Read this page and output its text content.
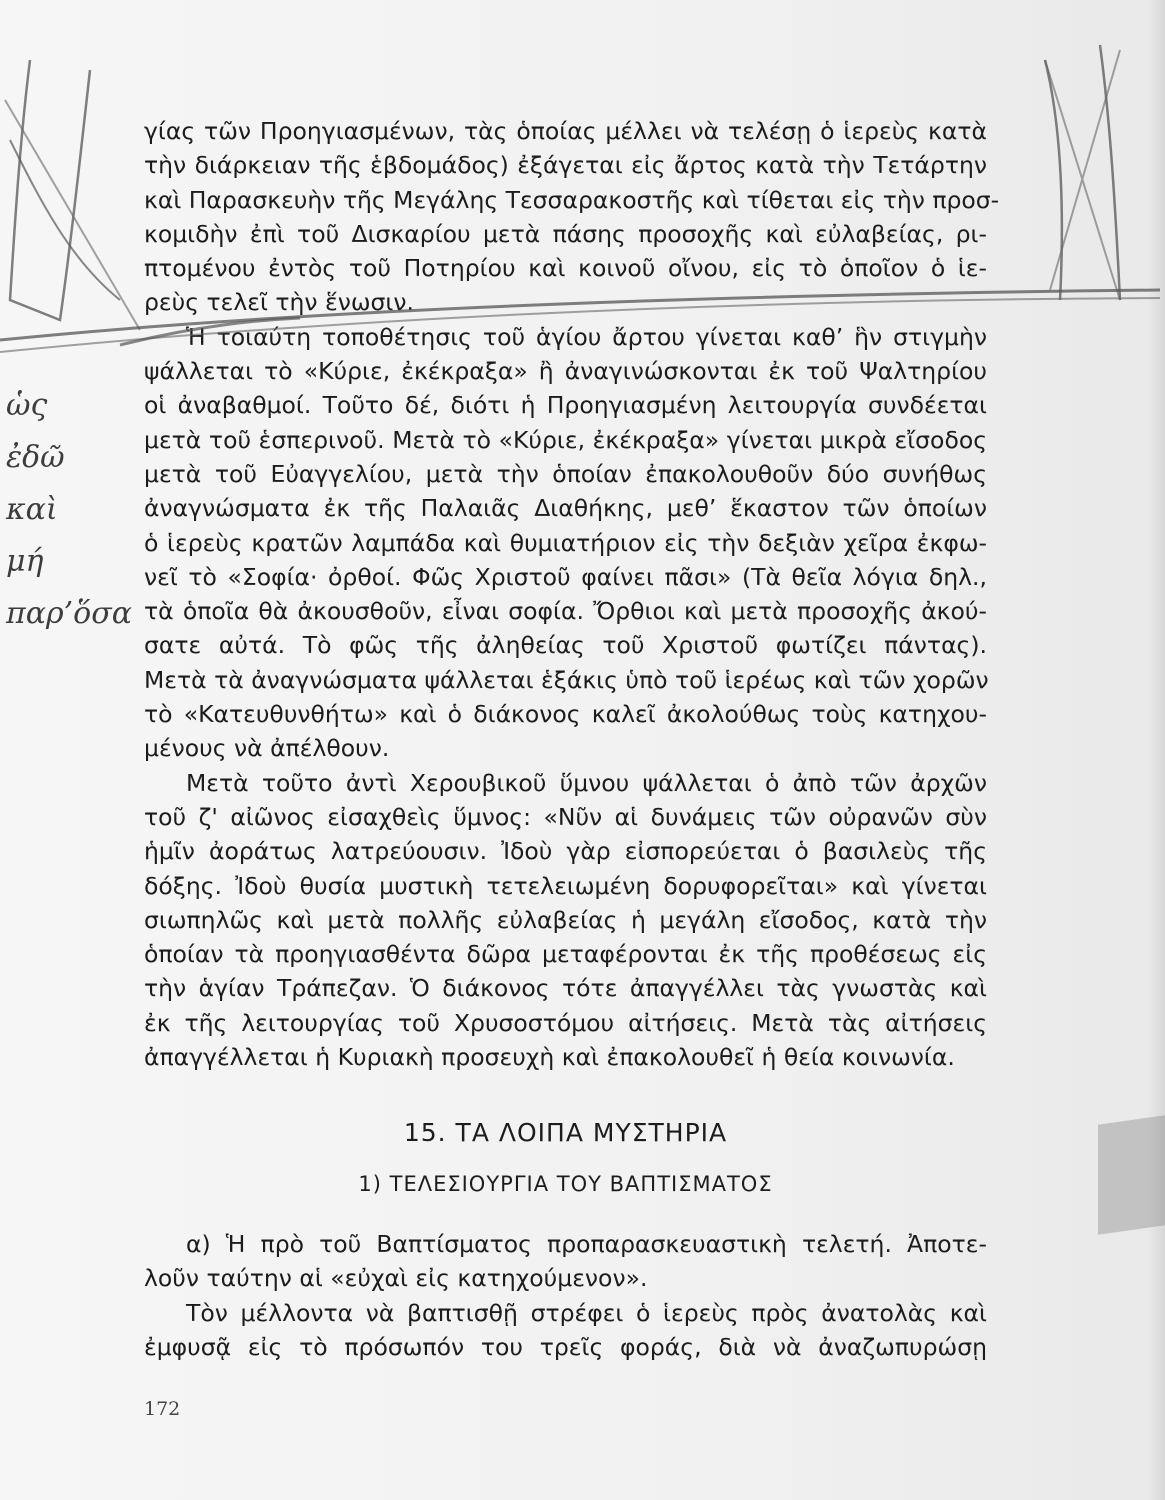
γίας τῶν Προηγιασμένων, τὰς ὁποίας μέλλει νὰ τελέσῃ ὁ ἱερεὺς κατὰ
τὴν διάρκειαν τῆς ἑβδομάδος) ἐξάγεται εἰς ἄρτος κατὰ τὴν Τετάρτην
καὶ Παρασκευὴν τῆς Μεγάλης Τεσσαρακοστῆς καὶ τίθεται εἰς τὴν προσ-
κομιδὴν ἐπὶ τοῦ Δισκαρίου μετὰ πάσης προσοχῆς καὶ εὐλαβείας, ρι-
πτομένου ἐντὸς τοῦ Ποτηρίου καὶ κοινοῦ οἴνου, εἰς τὸ ὁποῖον ὁ ἱε-
ρεὺς τελεῖ τὴν ἕνωσιν.
Ἡ τοιαύτη τοποθέτησις τοῦ ἁγίου ἄρτου γίνεται καθ’ ἣν στιγμὴν
ψάλλεται τὸ «Κύριε, ἐκέκραξα» ἢ ἀναγινώσκονται ἐκ τοῦ Ψαλτηρίου
οἱ ἀναβαθμοί. Τοῦτο δέ, διότι ἡ Προηγιασμένη λειτουργία συνδέεται
μετὰ τοῦ ἑσπερινοῦ. Μετὰ τὸ «Κύριε, ἐκέκραξα» γίνεται μικρὰ εἴσοδος
μετὰ τοῦ Εὐαγγελίου, μετὰ τὴν ὁποίαν ἐπακολουθοῦν δύο συνήθως
ἀναγνώσματα ἐκ τῆς Παλαιᾶς Διαθήκης, μεθ’ ἕκαστον τῶν ὁποίων
ὁ ἱερεὺς κρατῶν λαμπάδα καὶ θυμιατήριον εἰς τὴν δεξιὰν χεῖρα ἐκφω-
νεῖ τὸ «Σοφία· ὀρθοί. Φῶς Χριστοῦ φαίνει πᾶσι» (Τὰ θεῖα λόγια δηλ.,
τὰ ὁποῖα θὰ ἀκουσθοῦν, εἶναι σοφία. Ὄρθιοι καὶ μετὰ προσοχῆς ἀκού-
σατε αὐτά. Τὸ φῶς τῆς ἀληθείας τοῦ Χριστοῦ φωτίζει πάντας).
Μετὰ τὰ ἀναγνώσματα ψάλλεται ἑξάκις ὑπὸ τοῦ ἱερέως καὶ τῶν χορῶν
τὸ «Κατευθυνθήτω» καὶ ὁ διάκονος καλεῖ ἀκολούθως τοὺς κατηχου-
μένους νὰ ἀπέλθουν.
Μετὰ τοῦτο ἀντὶ Χερουβικοῦ ὕμνου ψάλλεται ὁ ἀπὸ τῶν ἀρχῶν
τοῦ ζ' αἰῶνος εἰσαχθεὶς ὕμνος: «Νῦν αἱ δυνάμεις τῶν οὐρανῶν σὺν
ἡμῖν ἀοράτως λατρεύουσιν. Ἰδοὺ γὰρ εἰσπορεύεται ὁ βασιλεὺς τῆς
δόξης. Ἰδοὺ θυσία μυστικὴ τετελειωμένη δορυφορεῖται» καὶ γίνεται
σιωπηλῶς καὶ μετὰ πολλῆς εὐλαβείας ἡ μεγάλη εἴσοδος, κατὰ τὴν
ὁποίαν τὰ προηγιασθέντα δῶρα μεταφέρονται ἐκ τῆς προθέσεως εἰς
τὴν ἁγίαν Τράπεζαν. Ὁ διάκονος τότε ἀπαγγέλλει τὰς γνωστὰς καὶ
ἐκ τῆς λειτουργίας τοῦ Χρυσοστόμου αἰτήσεις. Μετὰ τὰς αἰτήσεις
ἀπαγγέλλεται ἡ Κυριακὴ προσευχὴ καὶ ἐπακολουθεῖ ἡ θεία κοινωνία.
15. ΤΑ ΛΟΙΠΑ ΜΥΣΤΗΡΙΑ
1) ΤΕΛΕΣΙΟΥΡΓΙΑ ΤΟΥ ΒΑΠΤΙΣΜΑΤΟΣ
α) Ἡ πρὸ τοῦ Βαπτίσματος προπαρασκευαστικὴ τελετή. Ἀποτε-
λοῦν ταύτην αἱ «εὐχαὶ εἰς κατηχούμενον».
Τὸν μέλλοντα νὰ βαπτισθῇ στρέφει ὁ ἱερεὺς πρὸς ἀνατολὰς καὶ
ἐμφυσᾷ εἰς τὸ πρόσωπόν του τρεῖς φοράς, διὰ νὰ ἀναζωπυρώσῃ
172
ὡς
ἐδῶ
καὶ
μή
παρ’ὅσα
